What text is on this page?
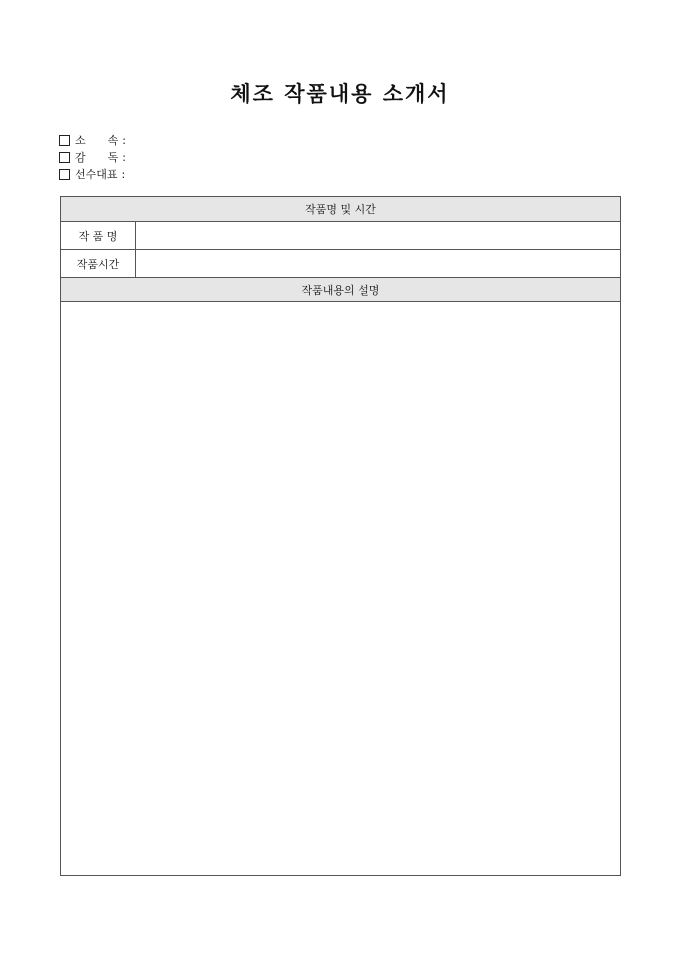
체조 작품내용 소개서
소　　속 :
감　　독 :
선수대표 :
작품명 및 시간	
작 품 명	
작품시간	
작품내용의 설명	
